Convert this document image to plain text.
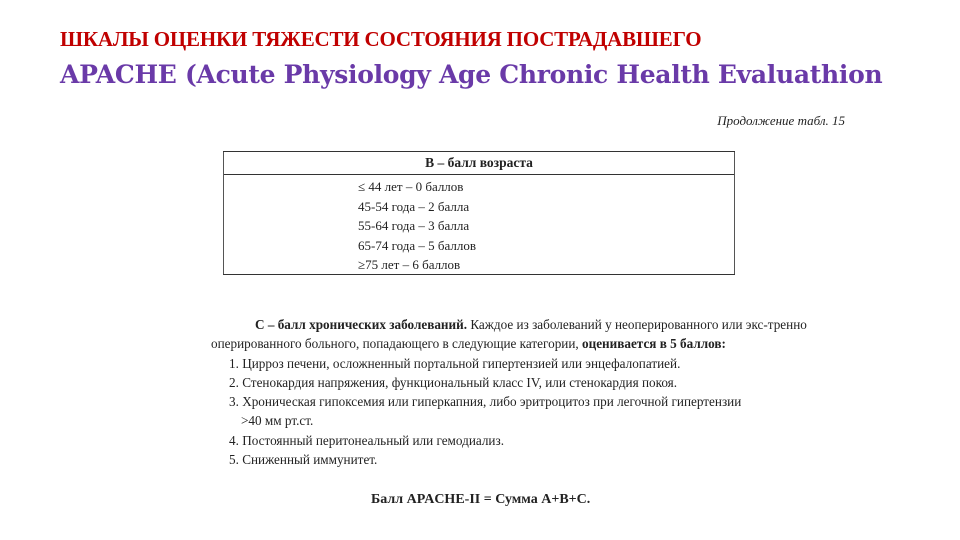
ШКАЛЫ ОЦЕНКИ ТЯЖЕСТИ СОСТОЯНИЯ ПОСТРАДАВШЕГО
APACHE (Acute Physiology Age Chronic Health Evaluathion
Продолжение табл. 15
В – балл возраста
≤ 44 лет – 0 баллов
45-54 года – 2 балла
55-64 года – 3 балла
65-74 года – 5 баллов
≥75 лет – 6 баллов

С – балл хронических заболеваний. Каждое из заболеваний у неоперированного или экс-тренно оперированного больного, попадающего в следующие категории, оценивается в 5 баллов:

1. Цирроз печени, осложненный портальной гипертензией или энцефалопатией.
2. Стенокардия напряжения, функциональный класс IV, или стенокардия покоя.
3. Хроническая гипоксемия или гиперкапния, либо эритроцитоз при легочной гипертензии
>40 мм рт.ст.
4. Постоянный перитонеальный или гемодиализ.
5. Сниженный иммунитет.
Балл APACHE-II = Сумма А+В+С.
